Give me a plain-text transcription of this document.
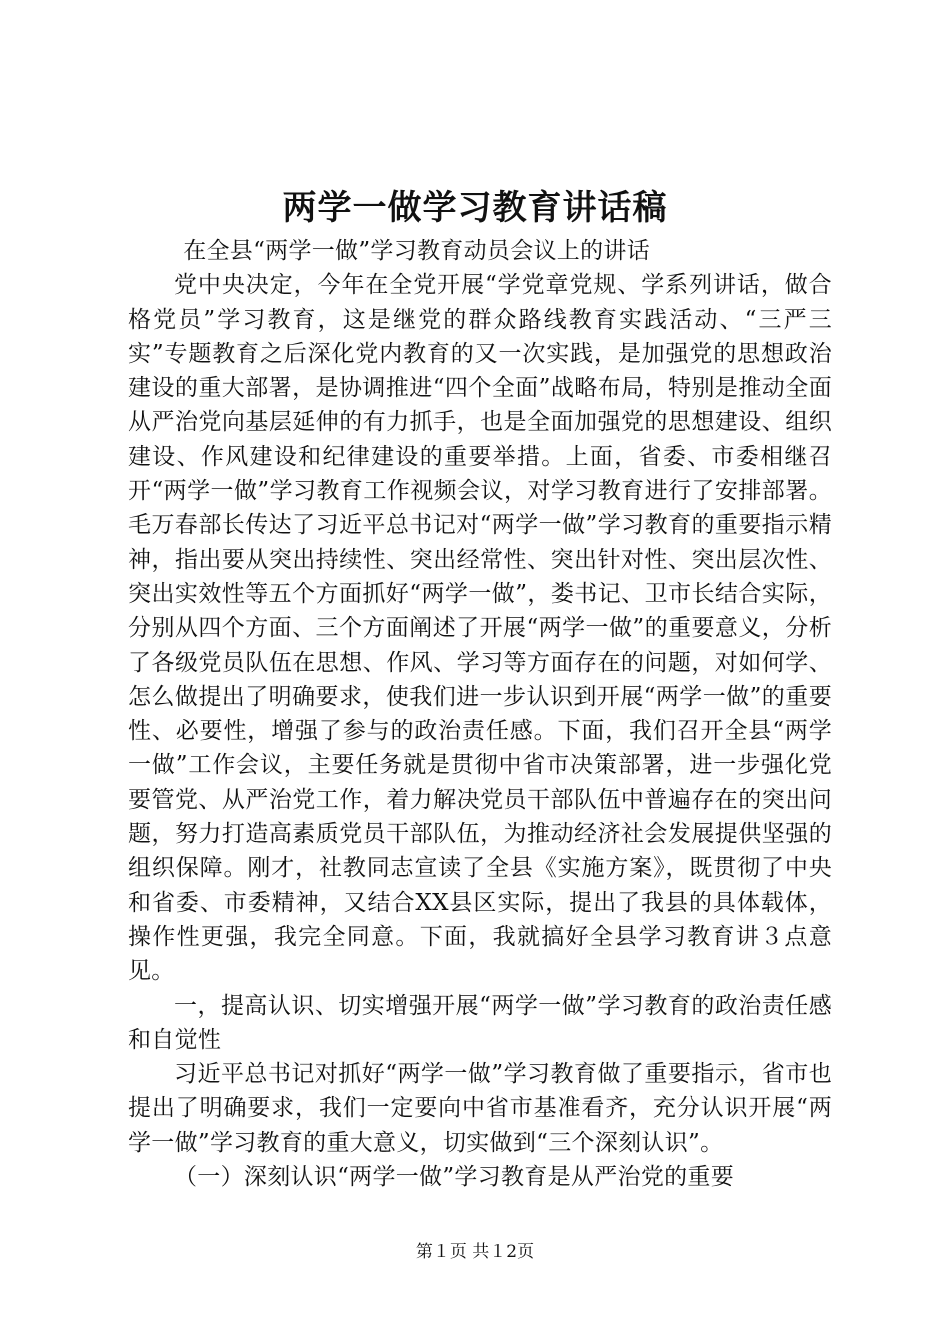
两学一做学习教育讲话稿

在全县“两学一做”学习教育动员会议上的讲话

党中央决定，今年在全党开展“学党章党规、学系列讲话，做合格党员”学习教育，这是继党的群众路线教育实践活动、“三严三实”专题教育之后深化党内教育的又一次实践，是加强党的思想政治建设的重大部署，是协调推进“四个全面”战略布局，特别是推动全面从严治党向基层延伸的有力抓手，也是全面加强党的思想建设、组织建设、作风建设和纪律建设的重要举措。上面，省委、市委相继召开“两学一做”学习教育工作视频会议，对学习教育进行了安排部署。毛万春部长传达了习近平总书记对“两学一做”学习教育的重要指示精神，指出要从突出持续性、突出经常性、突出针对性、突出层次性、突出实效性等五个方面抓好“两学一做”，娄书记、卫市长结合实际，分别从四个方面、三个方面阐述了开展“两学一做”的重要意义，分析了各级党员队伍在思想、作风、学习等方面存在的问题，对如何学、怎么做提出了明确要求，使我们进一步认识到开展“两学一做”的重要性、必要性，增强了参与的政治责任感。下面，我们召开全县“两学一做”工作会议，主要任务就是贯彻中省市决策部署，进一步强化党要管党、从严治党工作，着力解决党员干部队伍中普遍存在的突出问题，努力打造高素质党员干部队伍，为推动经济社会发展提供坚强的组织保障。刚才，社教同志宣读了全县《实施方案》，既贯彻了中央和省委、市委精神，又结合XX县区实际，提出了我县的具体载体，操作性更强，我完全同意。下面，我就搞好全县学习教育讲３点意见。

一，提高认识、切实增强开展“两学一做”学习教育的政治责任感和自觉性

习近平总书记对抓好“两学一做”学习教育做了重要指示，省市也提出了明确要求，我们一定要向中省市基准看齐，充分认识开展“两学一做”学习教育的重大意义，切实做到“三个深刻认识”。

（一）深刻认识“两学一做”学习教育是从严治党的重要

第１页 共１2页
